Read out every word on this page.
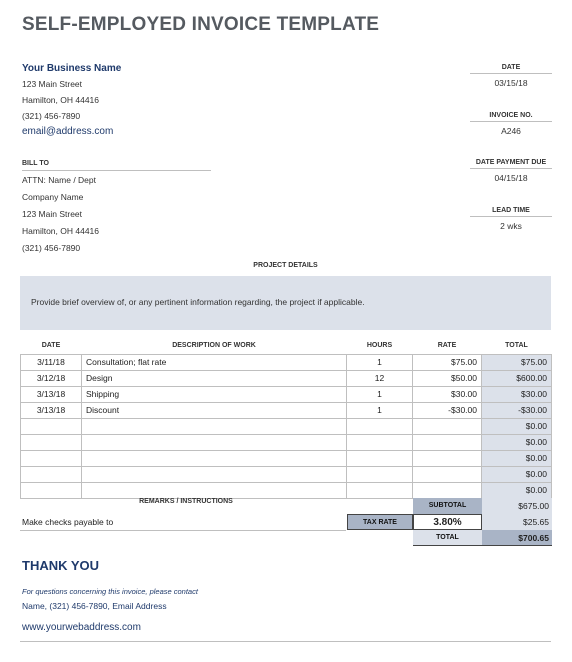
SELF-EMPLOYED INVOICE TEMPLATE
Your Business Name
123 Main Street
Hamilton, OH 44416
(321) 456-7890
email@address.com
DATE
03/15/18
INVOICE NO.
A246
DATE PAYMENT DUE
04/15/18
LEAD TIME
2 wks
BILL TO
ATTN: Name / Dept
Company Name
123 Main Street
Hamilton, OH 44416
(321) 456-7890
PROJECT DETAILS
Provide brief overview of, or any pertinent information regarding, the project if applicable.
DATE	DESCRIPTION OF WORK	HOURS	RATE	TOTAL
3/11/18	Consultation; flat rate	1	$75.00	$75.00
3/12/18	Design	12	$50.00	$600.00
3/13/18	Shipping	1	$30.00	$30.00
3/13/18	Discount	1	-$30.00	-$30.00
				$0.00
				$0.00
				$0.00
				$0.00
				$0.00
REMARKS / INSTRUCTIONS
Make checks payable to
SUBTOTAL	$675.00
TAX RATE	3.80%	$25.65
TOTAL	$700.65
THANK YOU
For questions concerning this invoice, please contact
Name, (321) 456-7890, Email Address
www.yourwebaddress.com
